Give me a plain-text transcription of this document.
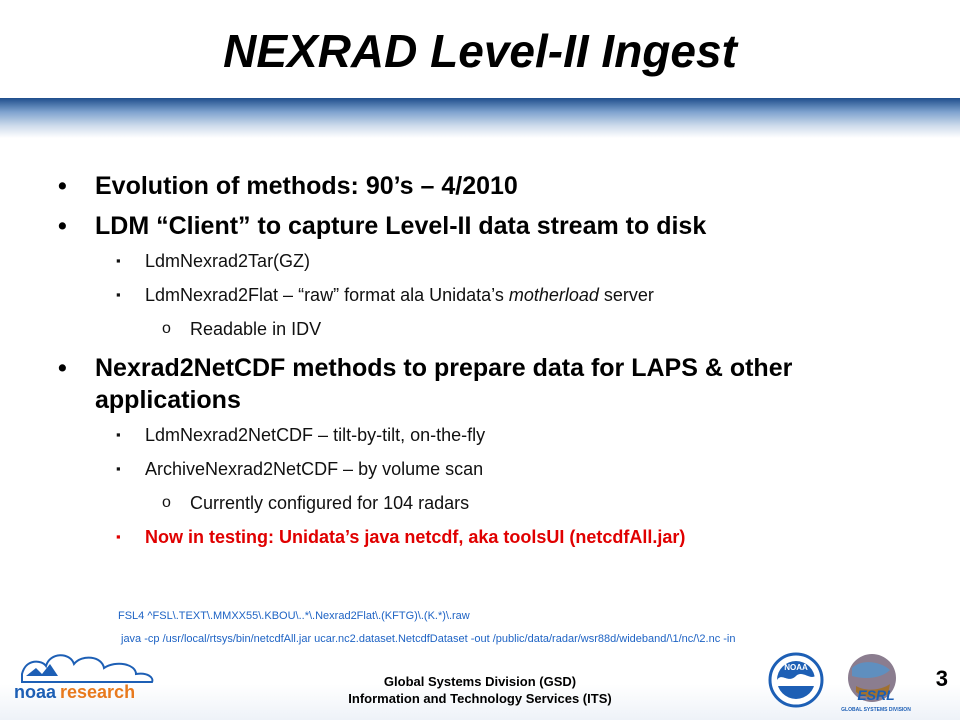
NEXRAD Level-II Ingest
• Evolution of methods: 90’s – 4/2010
• LDM “Client” to capture Level-II data stream to disk
▪ LdmNexrad2Tar(GZ)
▪ LdmNexrad2Flat – “raw” format ala Unidata’s motherload server
o Readable in IDV
• Nexrad2NetCDF methods to prepare data for LAPS & other applications
▪ LdmNexrad2NetCDF – tilt-by-tilt, on-the-fly
▪ ArchiveNexrad2NetCDF – by volume scan
o Currently configured for 104 radars
▪ Now in testing: Unidata’s java netcdf, aka toolsUI (netcdfAll.jar)
FSL4 ^FSL\.TEXT\.MMXX55\.KBOU\..*\.Nexrad2Flat\.(KFTG)\.(K.*)\.raw
java -cp /usr/local/rtsys/bin/netcdfAll.jar ucar.nc2.dataset.NetcdfDataset -out /public/data/radar/wsr88d/wideband/\1/nc/\2.nc -in
noaa research
Global Systems Division (GSD)
Information and Technology Services (ITS)
NOAA
ESRL
GLOBAL SYSTEMS DIVISION
3
